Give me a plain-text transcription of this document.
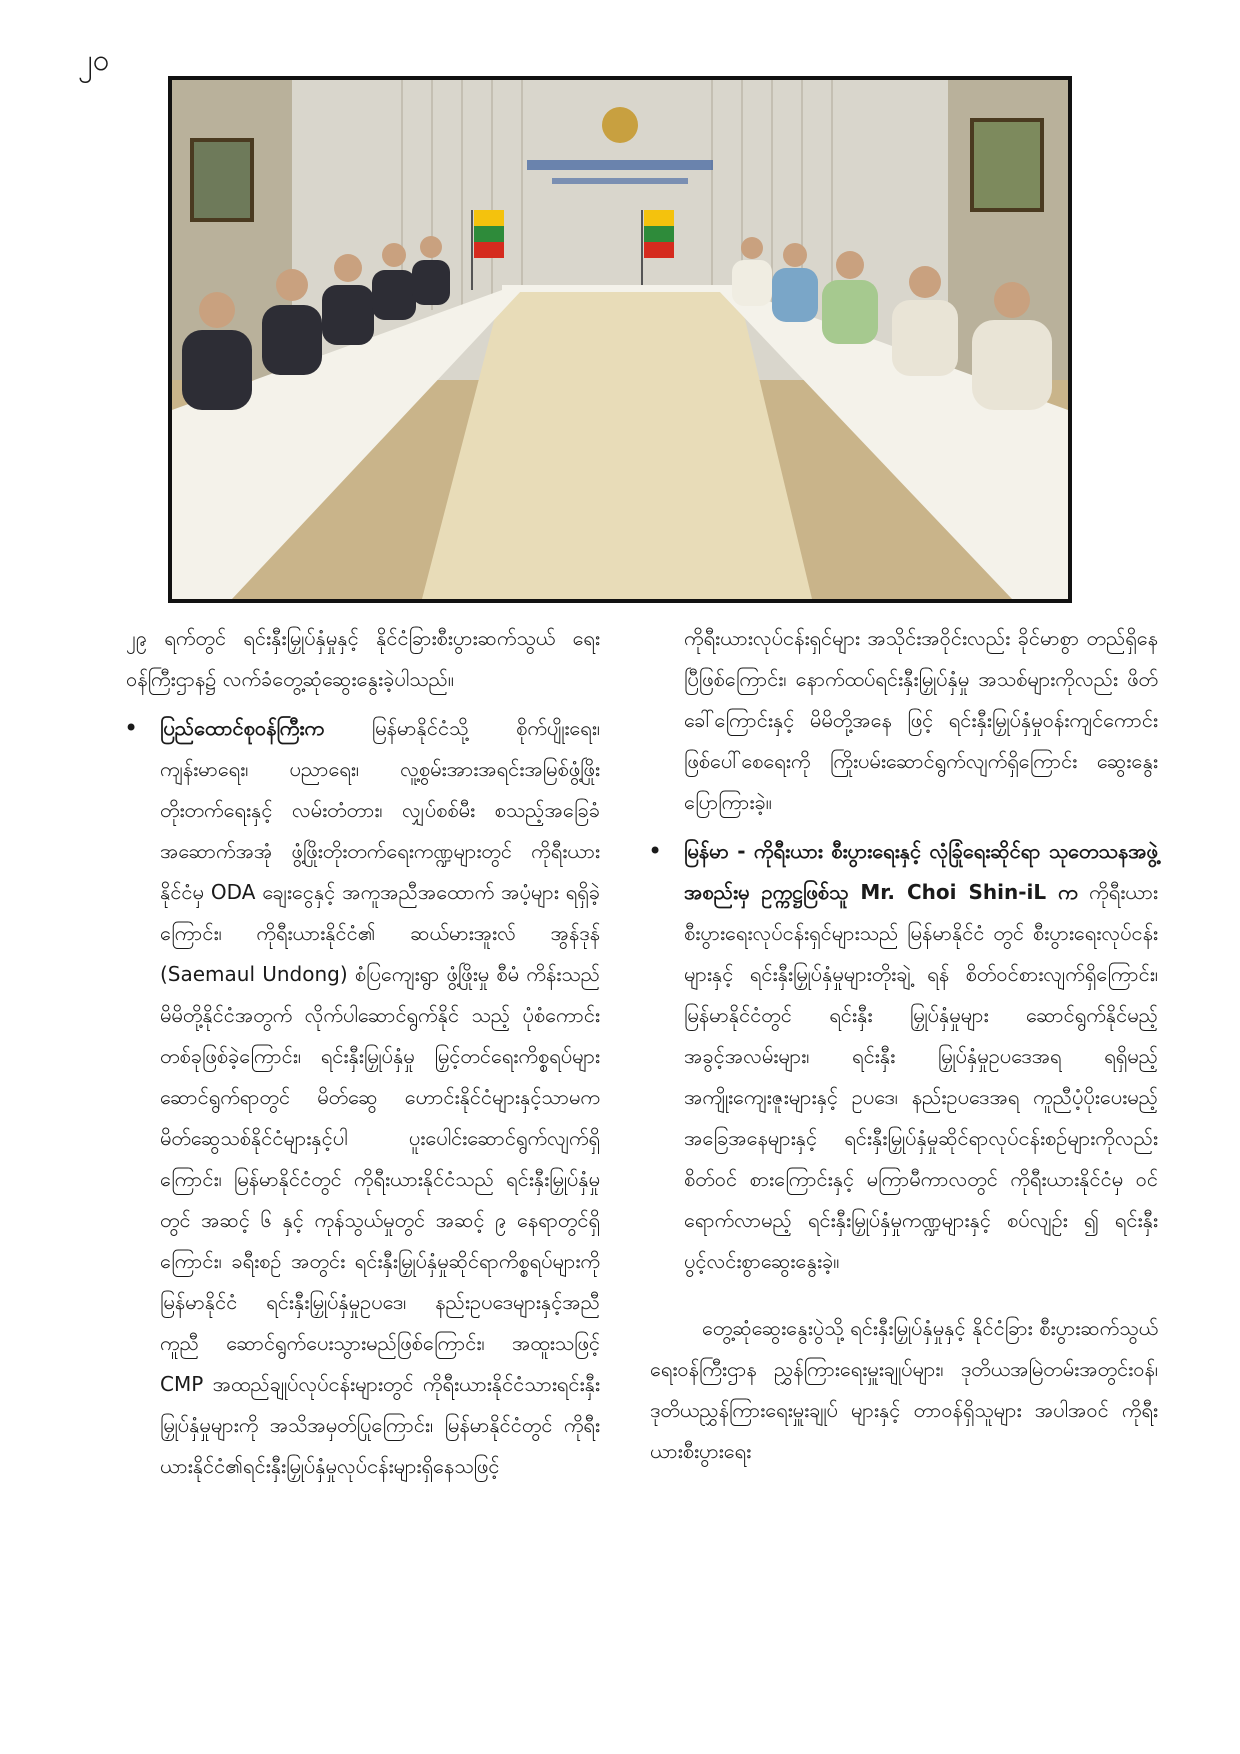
၂၀

၂၉ ရက်တွင် ရင်းနှီးမြှုပ်နှံမှုနှင့် နိုင်ငံခြားစီးပွားဆက်သွယ် ရေး ဝန်ကြီးဌာန၌ လက်ခံတွေ့ဆုံဆွေးနွေးခဲ့ပါသည်။

• ပြည်ထောင်စုဝန်ကြီးက မြန်မာနိုင်ငံသို့ စိုက်ပျိုးရေး၊ ကျန်းမာရေး၊ ပညာရေး၊ လူ့စွမ်းအားအရင်းအမြစ်ဖွံ့ဖြိုး တိုးတက်ရေးနှင့် လမ်းတံတား၊ လျှပ်စစ်မီး စသည့်အခြေခံ အဆောက်အအုံ ဖွံ့ဖြိုးတိုးတက်ရေးကဏ္ဍများတွင် ကိုရီးယားနိုင်ငံမှ ODA ချေးငွေနှင့် အကူအညီအထောက် အပံ့များ ရရှိခဲ့ကြောင်း၊ ကိုရီးယားနိုင်ငံ၏ ဆယ်မားအူးလ် အွန်ဒုန် (Saemaul Undong) စံပြကျေးရွာ ဖွံ့ဖြိုးမှု စီမံ ကိန်းသည် မိမိတို့နိုင်ငံအတွက် လိုက်ပါဆောင်ရွက်နိုင် သည့် ပုံစံကောင်းတစ်ခုဖြစ်ခဲ့ကြောင်း၊ ရင်းနှီးမြှုပ်နှံမှု မြှင့်တင်ရေးကိစ္စရပ်များ ဆောင်ရွက်ရာတွင် မိတ်ဆွေ ဟောင်းနိုင်ငံများနှင့်သာမက မိတ်ဆွေသစ်နိုင်ငံများနှင့်ပါ ပူးပေါင်းဆောင်ရွက်လျက်ရှိကြောင်း၊ မြန်မာနိုင်ငံတွင် ကိုရီးယားနိုင်ငံသည် ရင်းနှီးမြှုပ်နှံမှုတွင် အဆင့် ၆ နှင့် ကုန်သွယ်မှုတွင် အဆင့် ၉ နေရာတွင်ရှိကြောင်း၊ ခရီးစဉ် အတွင်း ရင်းနှီးမြှုပ်နှံမှုဆိုင်ရာကိစ္စရပ်များကို မြန်မာနိုင်ငံ ရင်းနှီးမြှုပ်နှံမှုဥပဒေ၊ နည်းဥပဒေများနှင့်အညီ ကူညီ ဆောင်ရွက်ပေးသွားမည်ဖြစ်ကြောင်း၊ အထူးသဖြင့် CMP အထည်ချုပ်လုပ်ငန်းများတွင် ကိုရီးယားနိုင်ငံသားရင်းနှီး မြှုပ်နှံမှုများကို အသိအမှတ်ပြုကြောင်း၊ မြန်မာနိုင်ငံတွင် ကိုရီးယားနိုင်ငံ၏ရင်းနှီးမြှုပ်နှံမှုလုပ်ငန်းများရှိနေသဖြင့်

ကိုရီးယားလုပ်ငန်းရှင်များ အသိုင်းအဝိုင်းလည်း ခိုင်မာစွာ တည်ရှိနေပြီဖြစ်ကြောင်း၊ နောက်ထပ်ရင်းနှီးမြှုပ်နှံမှု အသစ်များကိုလည်း ဖိတ်ခေါ်ကြောင်းနှင့် မိမိတို့အနေ ဖြင့် ရင်းနှီးမြှုပ်နှံမှုဝန်းကျင်ကောင်း ဖြစ်ပေါ်စေရေးကို ကြိုးပမ်းဆောင်ရွက်လျက်ရှိကြောင်း ဆွေးနွေးပြောကြားခဲ့။

• မြန်မာ - ကိုရီးယား စီးပွားရေးနှင့် လုံခြုံရေးဆိုင်ရာ သုတေသနအဖွဲ့အစည်းမှ ဥက္ကဋ္ဌဖြစ်သူ Mr. Choi Shin-iL က ကိုရီးယားစီးပွားရေးလုပ်ငန်းရှင်များသည် မြန်မာနိုင်ငံ တွင် စီးပွားရေးလုပ်ငန်းများနှင့် ရင်းနှီးမြှုပ်နှံမှုများတိုးချဲ့ ရန် စိတ်ဝင်စားလျက်ရှိကြောင်း၊ မြန်မာနိုင်ငံတွင် ရင်းနှီး မြှုပ်နှံမှုများ ဆောင်ရွက်နိုင်မည့်အခွင့်အလမ်းများ၊ ရင်းနှီး မြှုပ်နှံမှုဥပဒေအရ ရရှိမည့် အကျိုးကျေးဇူးများနှင့် ဥပဒေ၊ နည်းဥပဒေအရ ကူညီပံ့ပိုးပေးမည့်အခြေအနေများနှင့် ရင်းနှီးမြှုပ်နှံမှုဆိုင်ရာလုပ်ငန်းစဉ်များကိုလည်း စိတ်ဝင် စားကြောင်းနှင့် မကြာမီကာလတွင် ကိုရီးယားနိုင်ငံမှ ဝင်ရောက်လာမည့် ရင်းနှီးမြှုပ်နှံမှုကဏ္ဍများနှင့် စပ်လျဉ်း ၍ ရင်းနှီးပွင့်လင်းစွာဆွေးနွေးခဲ့။

တွေ့ဆုံဆွေးနွေးပွဲသို့ ရင်းနှီးမြှုပ်နှံမှုနှင့် နိုင်ငံခြား စီးပွားဆက်သွယ်ရေးဝန်ကြီးဌာန ညွှန်ကြားရေးမှူးချုပ်များ၊ ဒုတိယအမြဲတမ်းအတွင်းဝန်၊ ဒုတိယညွှန်ကြားရေးမှူးချုပ် များနှင့် တာဝန်ရှိသူများ အပါအဝင် ကိုရီးယားစီးပွားရေး
